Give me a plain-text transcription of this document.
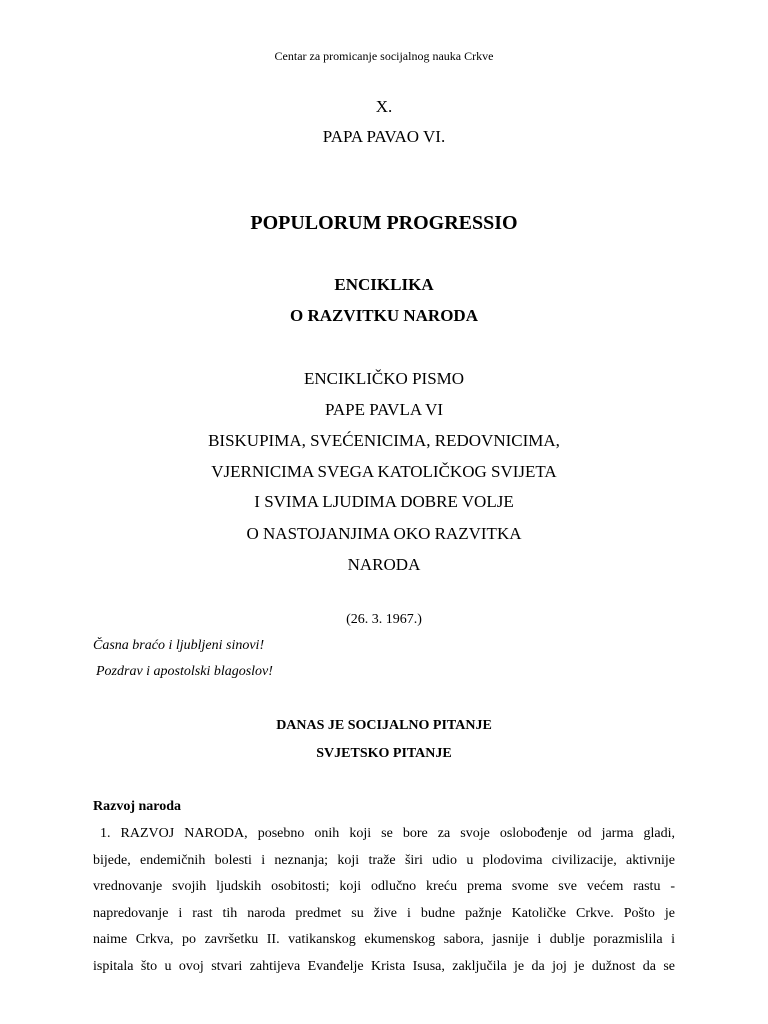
Centar za promicanje socijalnog nauka Crkve
X.
PAPA PAVAO VI.
POPULORUM PROGRESSIO
ENCIKLIKA
O RAZVITKU NARODA
ENCIKLIČKO PISMO
PAPE PAVLA VI
BISKUPIMA, SVEĆENICIMA, REDOVNICIMA,
VJERNICIMA SVEGA KATOLIČKOG SVIJETA
I SVIMA LJUDIMA DOBRE VOLJE
O NASTOJANJIMA OKO RAZVITKA
NARODA
(26. 3. 1967.)
Časna braćo i ljubljeni sinovi!
Pozdrav i apostolski blagoslov!
DANAS JE SOCIJALNO PITANJE
SVJETSKO PITANJE
Razvoj naroda
1. RAZVOJ NARODA, posebno onih koji se bore za svoje oslobođenje od jarma gladi,
bijede, endemičnih bolesti i neznanja; koji traže širi udio u plodovima civilizacije, aktivnije
vrednovanje svojih ljudskih osobitosti; koji odlučno kreću prema svome sve većem rastu -
napredovanje i rast tih naroda predmet su žive i budne pažnje Katoličke Crkve. Pošto je
naime Crkva, po završetku II. vatikanskog ekumenskog sabora, jasnije i dublje porazmislila i
ispitala što u ovoj stvari zahtijeva Evanđelje Krista Isusa, zaključila je da joj je dužnost da se
